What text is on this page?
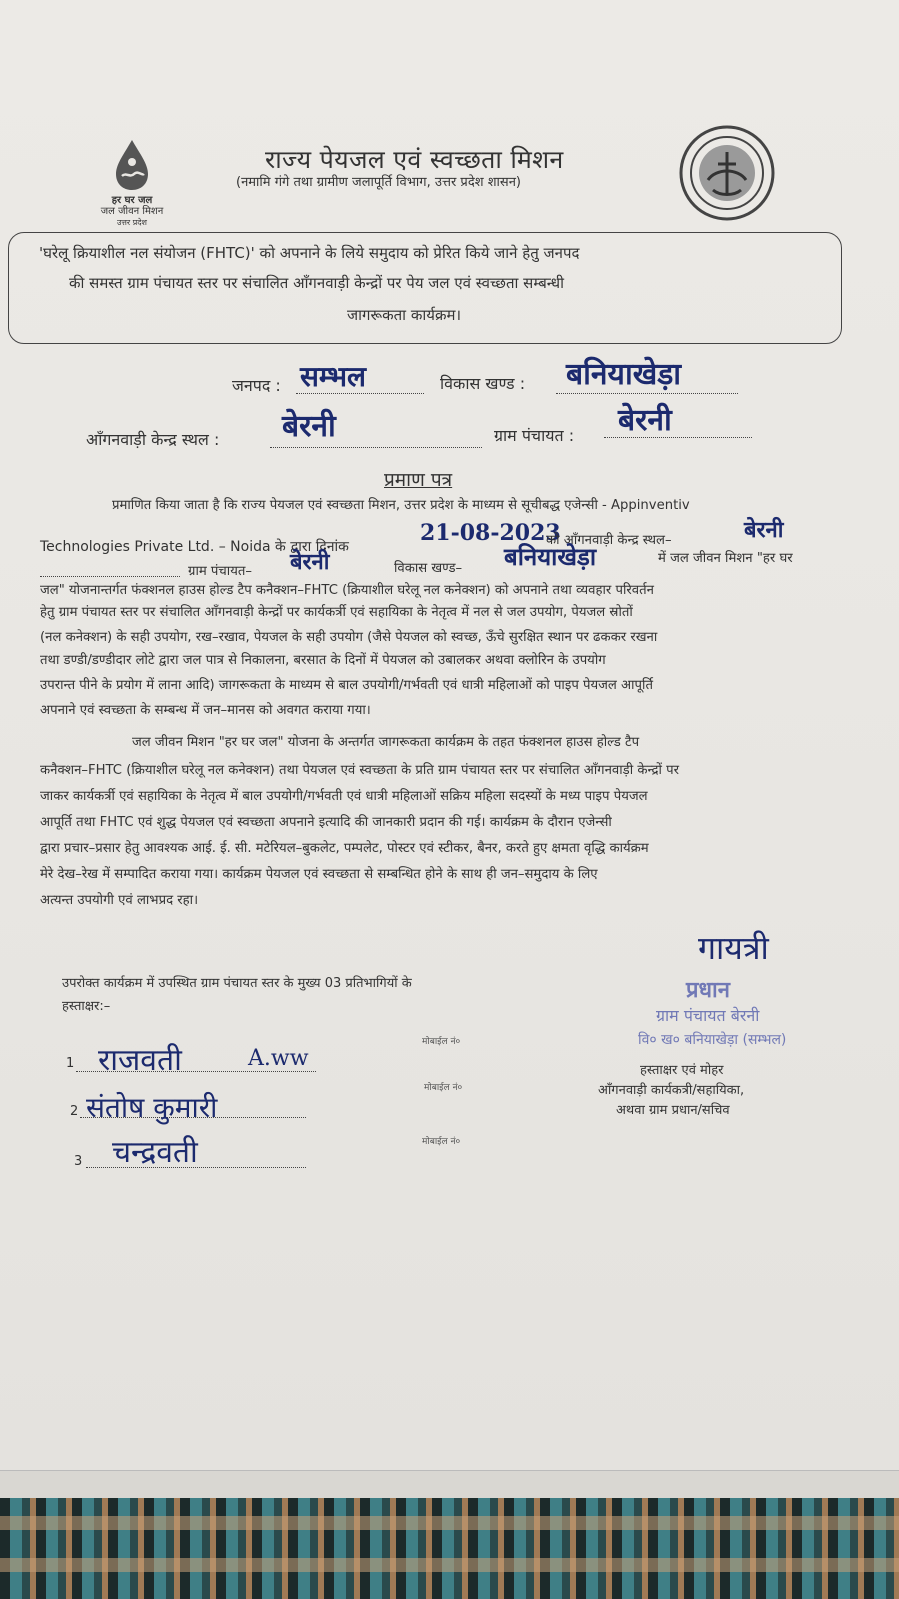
हर घर जल
जल जीवन मिशन
उत्तर प्रदेश
राज्य पेयजल एवं स्वच्छता मिशन
(नमामि गंगे तथा ग्रामीण जलापूर्ति विभाग, उत्तर प्रदेश शासन)
'घरेलू क्रियाशील नल संयोजन (FHTC)' को अपनाने के लिये समुदाय को प्रेरित किये जाने हेतु जनपद
की समस्त ग्राम पंचायत स्तर पर संचालित आँगनवाड़ी केन्द्रों पर पेय जल एवं स्वच्छता सम्बन्धी
जागरूकता कार्यक्रम।
जनपद : सम्भल	विकास खण्ड : बनियाखेड़ा
आँगनवाड़ी केन्द्र स्थल : बेरनी	ग्राम पंचायत : बेरनी
प्रमाण पत्र
प्रमाणित किया जाता है कि राज्य पेयजल एवं स्वच्छता मिशन, उत्तर प्रदेश के माध्यम से सूचीबद्ध एजेन्सी - Appinventiv
Technologies Private Ltd. – Noida के द्वारा दिनांक
21-08-2023
को आँगनवाड़ी केन्द्र स्थल–	बेरनी
ग्राम पंचायत– बेरनी	विकास खण्ड– बनियाखेड़ा	में जल जीवन मिशन "हर घर
जल" योजनान्तर्गत फंक्शनल हाउस होल्ड टैप कनैक्शन–FHTC (क्रियाशील घरेलू नल कनेक्शन) को अपनाने तथा व्यवहार परिवर्तन
हेतु ग्राम पंचायत स्तर पर संचालित आँगनवाड़ी केन्द्रों पर कार्यकर्त्री एवं सहायिका के नेतृत्व में नल से जल उपयोग, पेयजल स्रोतों
(नल कनेक्शन) के सही उपयोग, रख–रखाव, पेयजल के सही उपयोग (जैसे पेयजल को स्वच्छ, ऊँचे सुरक्षित स्थान पर ढककर रखना
तथा डण्डी/डण्डीदार लोटे द्वारा जल पात्र से निकालना, बरसात के दिनों में पेयजल को उबालकर अथवा क्लोरिन के उपयोग
उपरान्त पीने के प्रयोग में लाना आदि) जागरूकता के माध्यम से बाल उपयोगी/गर्भवती एवं धात्री महिलाओं को पाइप पेयजल आपूर्ति
अपनाने एवं स्वच्छता के सम्बन्ध में जन–मानस को अवगत कराया गया।
जल जीवन मिशन "हर घर जल" योजना के अन्तर्गत जागरूकता कार्यक्रम के तहत फंक्शनल हाउस होल्ड टैप
कनैक्शन–FHTC (क्रियाशील घरेलू नल कनेक्शन) तथा पेयजल एवं स्वच्छता के प्रति ग्राम पंचायत स्तर पर संचालित आँगनवाड़ी केन्द्रों पर
जाकर कार्यकर्त्री एवं सहायिका के नेतृत्व में बाल उपयोगी/गर्भवती एवं धात्री महिलाओं सक्रिय महिला सदस्यों के मध्य पाइप पेयजल
आपूर्ति तथा FHTC एवं शुद्ध पेयजल एवं स्वच्छता अपनाने इत्यादि की जानकारी प्रदान की गई। कार्यक्रम के दौरान एजेन्सी
द्वारा प्रचार–प्रसार हेतु आवश्यक आई. ई. सी. मटेरियल–बुकलेट, पम्पलेट, पोस्टर एवं स्टीकर, बैनर, करते हुए क्षमता वृद्धि कार्यक्रम
मेरे देख–रेख में सम्पादित कराया गया। कार्यक्रम पेयजल एवं स्वच्छता से सम्बन्धित होने के साथ ही जन–समुदाय के लिए
अत्यन्त उपयोगी एवं लाभप्रद रहा।
गायत्री
प्रधान
ग्राम पंचायत बेरनी
वि० ख० बनियाखेड़ा (सम्भल)
हस्ताक्षर एवं मोहर
आँगनवाड़ी कार्यकत्री/सहायिका,
अथवा ग्राम प्रधान/सचिव
उपरोक्त कार्यक्रम में उपस्थित ग्राम पंचायत स्तर के मुख्य 03 प्रतिभागियों के
हस्ताक्षर:–
1 राजवती	A.ww
2 संतोष कुमारी
3 चन्द्रवती
मोबाईल नं०
मोबाईल नं०
मोबाईल नं०
